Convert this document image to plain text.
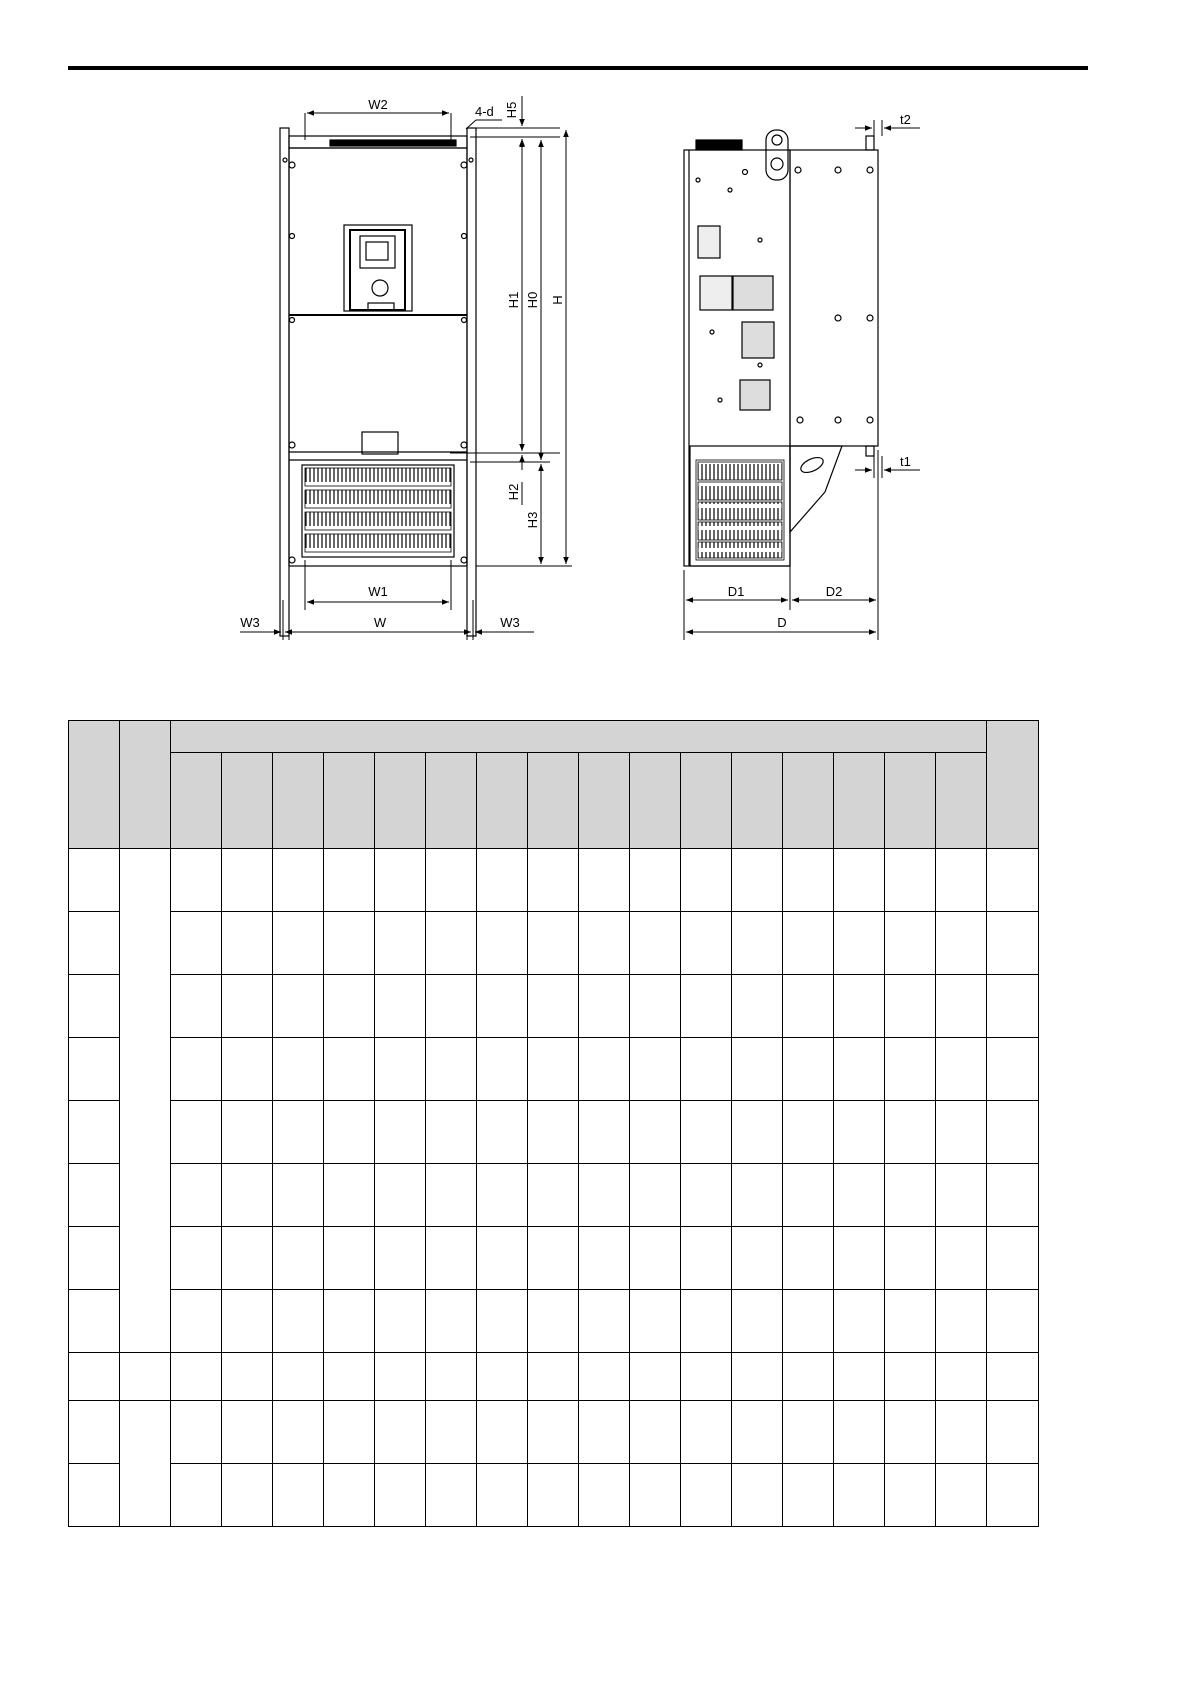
W2	4-d H5
H1 H0 H
H2
H3
W1
W
W3	W3
t2
t1
D1	D2
D
